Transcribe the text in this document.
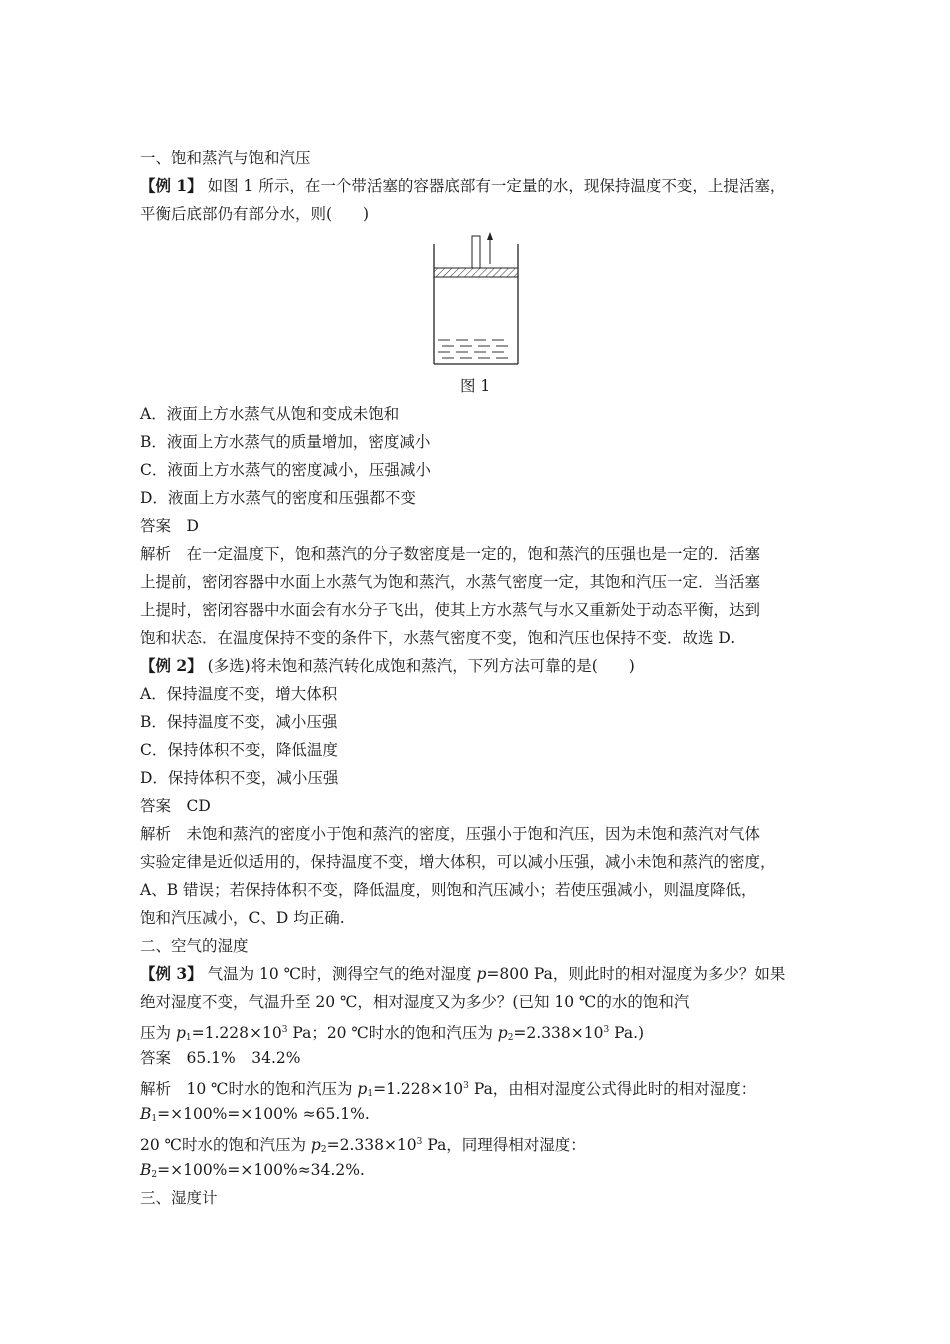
一、饱和蒸汽与饱和汽压
【例 1】 如图 1 所示，在一个带活塞的容器底部有一定量的水，现保持温度不变，上提活塞，
平衡后底部仍有部分水，则(　　)
图 1
A．液面上方水蒸气从饱和变成未饱和
B．液面上方水蒸气的质量增加，密度减小
C．液面上方水蒸气的密度减小，压强减小
D．液面上方水蒸气的密度和压强都不变
答案　D
解析　在一定温度下，饱和蒸汽的分子数密度是一定的，饱和蒸汽的压强也是一定的．活塞
上提前，密闭容器中水面上水蒸气为饱和蒸汽，水蒸气密度一定，其饱和汽压一定．当活塞
上提时，密闭容器中水面会有水分子飞出，使其上方水蒸气与水又重新处于动态平衡，达到
饱和状态．在温度保持不变的条件下，水蒸气密度不变，饱和汽压也保持不变．故选 D.
【例 2】 (多选)将未饱和蒸汽转化成饱和蒸汽，下列方法可靠的是(　　)
A．保持温度不变，增大体积
B．保持温度不变，减小压强
C．保持体积不变，降低温度
D．保持体积不变，减小压强
答案　CD
解析　未饱和蒸汽的密度小于饱和蒸汽的密度，压强小于饱和汽压，因为未饱和蒸汽对气体
实验定律是近似适用的，保持温度不变，增大体积，可以减小压强，减小未饱和蒸汽的密度，
A、B 错误；若保持体积不变，降低温度，则饱和汽压减小；若使压强减小，则温度降低，
饱和汽压减小，C、D 均正确.
二、空气的湿度
【例 3】 气温为 10 ℃时，测得空气的绝对湿度 p=800 Pa，则此时的相对湿度为多少？如果
绝对湿度不变，气温升至 20 ℃，相对湿度又为多少？(已知 10 ℃的水的饱和汽
压为 $p_1=1.228\times 10^3$ Pa；20 ℃时水的饱和汽压为 $p_2=2.338\times 10^3$ Pa.)
答案　65.1%　34.2%
解析　10 ℃时水的饱和汽压为 $p_1=1.228\times 10^3$ Pa，由相对湿度公式得此时的相对湿度：
$B_1=\times 100\%=\times 100\% \approx 65.1\%$.
20 ℃时水的饱和汽压为 $p_2=2.338\times 10^3$ Pa，同理得相对湿度：
$B_2=\times 100\%=\times 100\%\approx 34.2\%$.
三、湿度计
